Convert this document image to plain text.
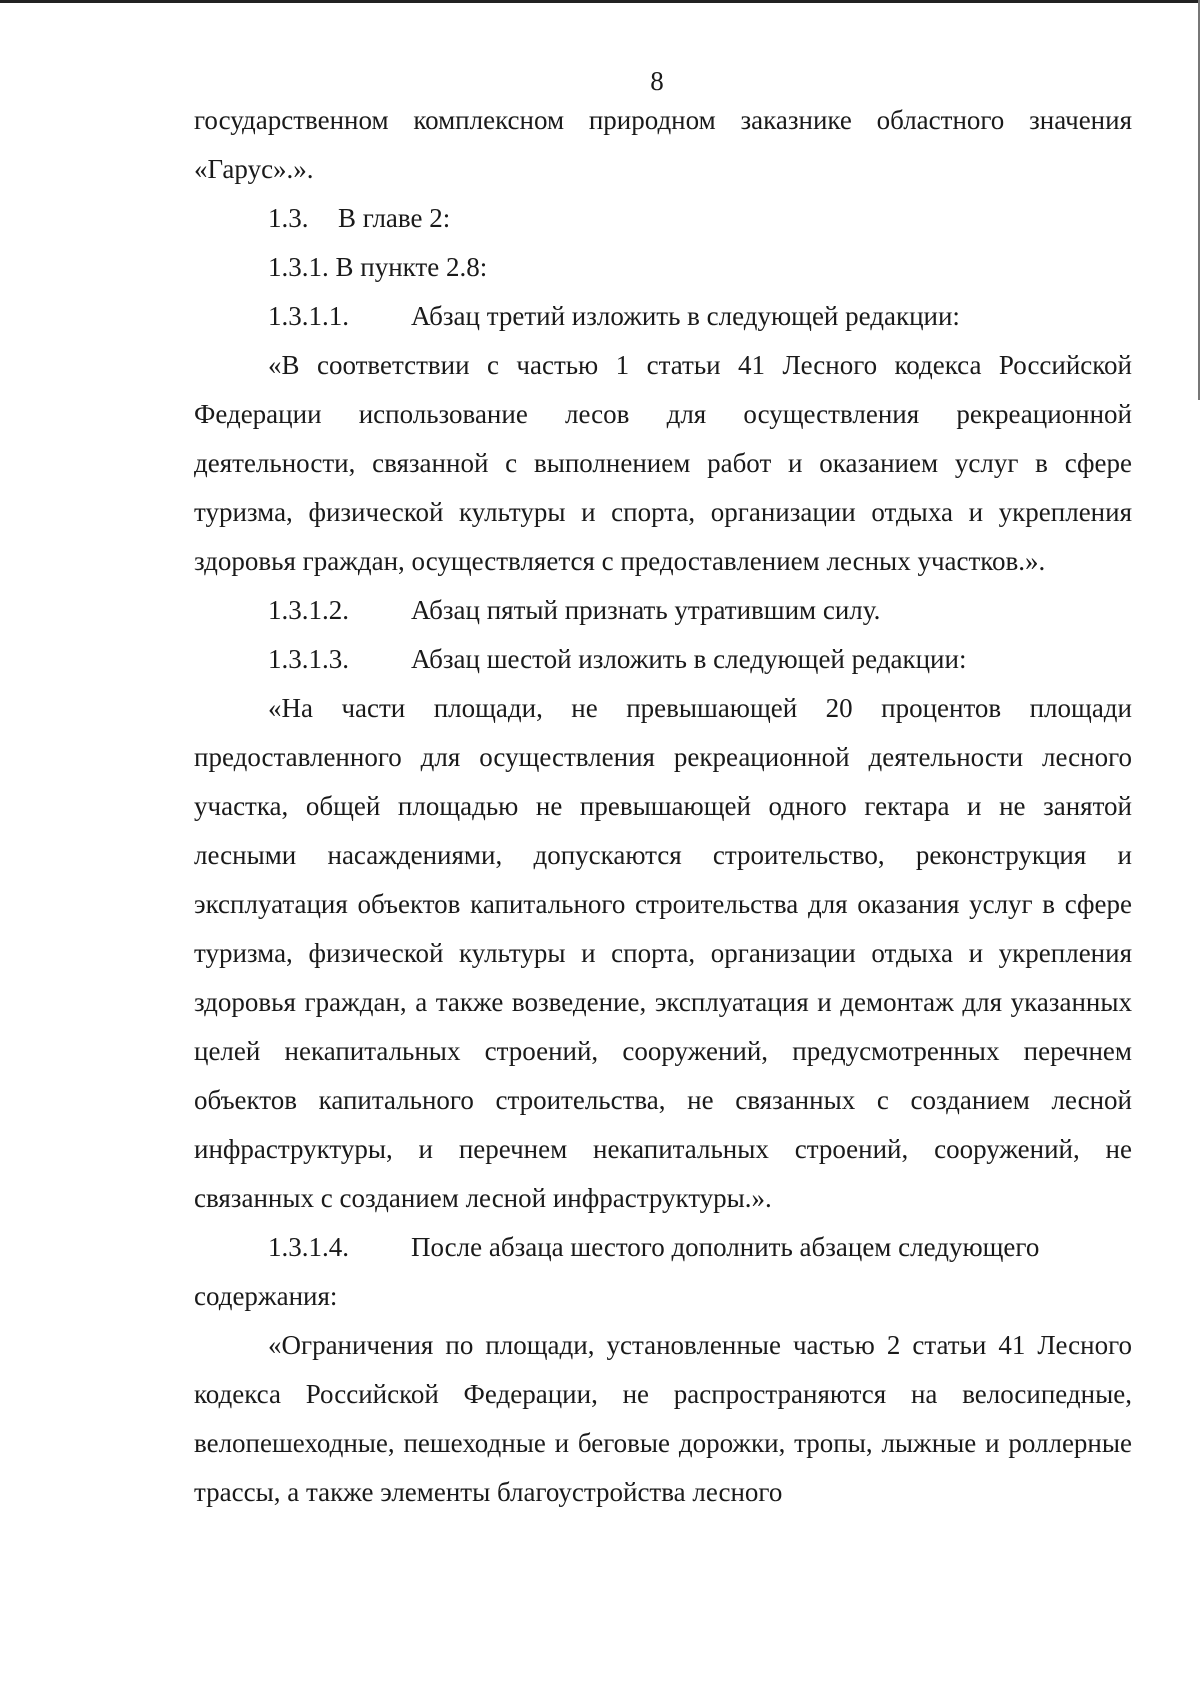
8

государственном комплексном природном заказнике областного значения «Гарус».».

1.3.	В главе 2:

1.3.1. В пункте 2.8:

1.3.1.1.	Абзац третий изложить в следующей редакции:

«В соответствии с частью 1 статьи 41 Лесного кодекса Российской Федерации использование лесов для осуществления рекреационной деятельности, связанной с выполнением работ и оказанием услуг в сфере туризма, физической культуры и спорта, организации отдыха и укрепления здоровья граждан, осуществляется с предоставлением лесных участков.».

1.3.1.2.	Абзац пятый признать утратившим силу.

1.3.1.3.	Абзац шестой изложить в следующей редакции:

«На части площади, не превышающей 20 процентов площади предоставленного для осуществления рекреационной деятельности лесного участка, общей площадью не превышающей одного гектара и не занятой лесными насаждениями, допускаются строительство, реконструкция и эксплуатация объектов капитального строительства для оказания услуг в сфере туризма, физической культуры и спорта, организации отдыха и укрепления здоровья граждан, а также возведение, эксплуатация и демонтаж для указанных целей некапитальных строений, сооружений, предусмотренных перечнем объектов капитального строительства, не связанных с созданием лесной инфраструктуры, и перечнем некапитальных строений, сооружений, не связанных с созданием лесной инфраструктуры.».

1.3.1.4.	После абзаца шестого дополнить абзацем следующего

содержания:

«Ограничения по площади, установленные частью 2 статьи 41 Лесного кодекса Российской Федерации, не распространяются на велосипедные, велопешеходные, пешеходные и беговые дорожки, тропы, лыжные и роллерные трассы, а также элементы благоустройства лесного
